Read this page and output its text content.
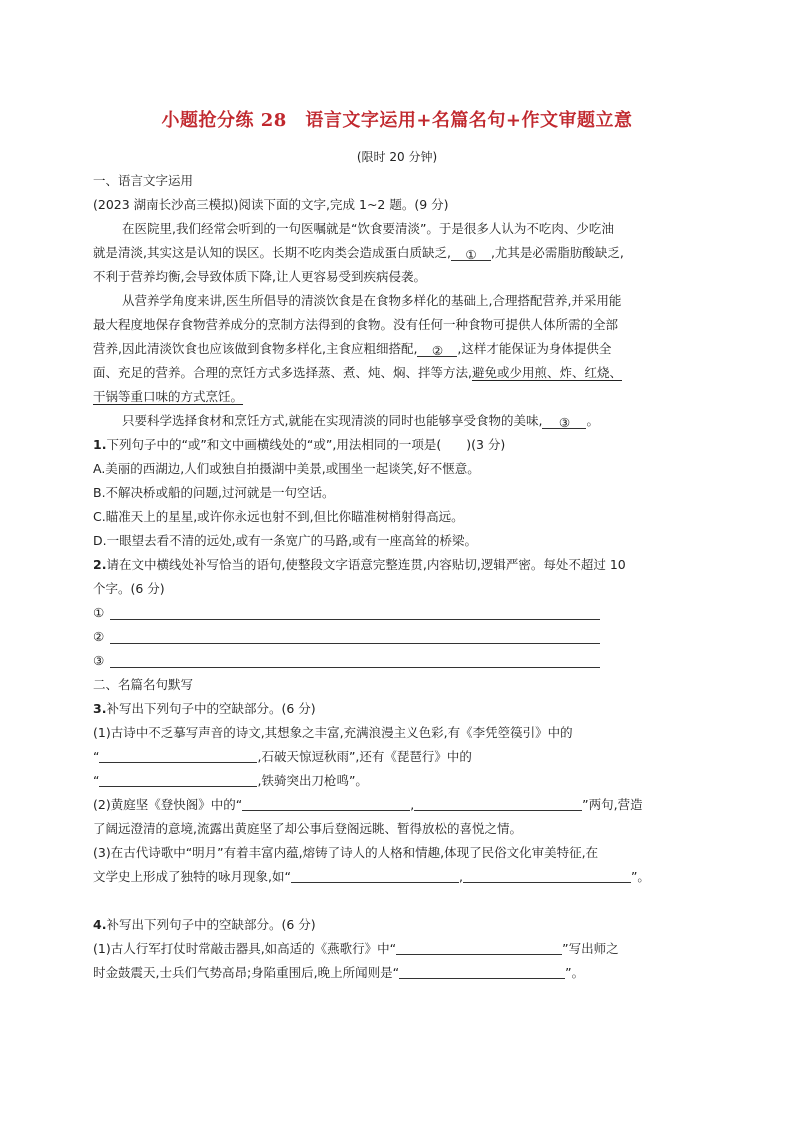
小题抢分练 28　语言文字运用+名篇名句+作文审题立意
(限时 20 分钟)
一、语言文字运用
(2023 湖南长沙高三模拟)阅读下面的文字,完成 1~2 题。(9 分)
在医院里,我们经常会听到的一句医嘱就是“饮食要清淡”。于是很多人认为不吃肉、少吃油
就是清淡,其实这是认知的误区。长期不吃肉类会造成蛋白质缺乏, ① ,尤其是必需脂肪酸缺乏,
不利于营养均衡,会导致体质下降,让人更容易受到疾病侵袭。
从营养学角度来讲,医生所倡导的清淡饮食是在食物多样化的基础上,合理搭配营养,并采用能
最大程度地保存食物营养成分的烹制方法得到的食物。没有任何一种食物可提供人体所需的全部
营养,因此清淡饮食也应该做到食物多样化,主食应粗细搭配, ② ,这样才能保证为身体提供全
面、充足的营养。合理的烹饪方式多选择蒸、煮、炖、焖、拌等方法,避免或少用煎、炸、红烧、
干锅等重口味的方式烹饪。
只要科学选择食材和烹饪方式,就能在实现清淡的同时也能够享受食物的美味, ③ 。
1.下列句子中的“或”和文中画横线处的“或”,用法相同的一项是(　　)(3 分)
A.美丽的西湖边,人们或独自拍摄湖中美景,或围坐一起谈笑,好不惬意。
B.不解决桥或船的问题,过河就是一句空话。
C.瞄准天上的星星,或许你永远也射不到,但比你瞄准树梢射得高远。
D.一眼望去看不清的远处,或有一条宽广的马路,或有一座高耸的桥梁。
2.请在文中横线处补写恰当的语句,使整段文字语意完整连贯,内容贴切,逻辑严密。每处不超过 10
个字。(6 分)
①
②
③
二、名篇名句默写
3.补写出下列句子中的空缺部分。(6 分)
(1)古诗中不乏摹写声音的诗文,其想象之丰富,充满浪漫主义色彩,有《李凭箜篌引》中的
“	,石破天惊逗秋雨”,还有《琵琶行》中的
“	,铁骑突出刀枪鸣”。
(2)黄庭坚《登快阁》中的“	,	”两句,营造
了阔远澄清的意境,流露出黄庭坚了却公事后登阁远眺、暂得放松的喜悦之情。
(3)在古代诗歌中“明月”有着丰富内蕴,熔铸了诗人的人格和情趣,体现了民俗文化审美特征,在
文学史上形成了独特的咏月现象,如“	,	”。
4.补写出下列句子中的空缺部分。(6 分)
(1)古人行军打仗时常敲击器具,如高适的《燕歌行》中“	”写出师之
时金鼓震天,士兵们气势高昂;身陷重围后,晚上所闻则是“	”。
